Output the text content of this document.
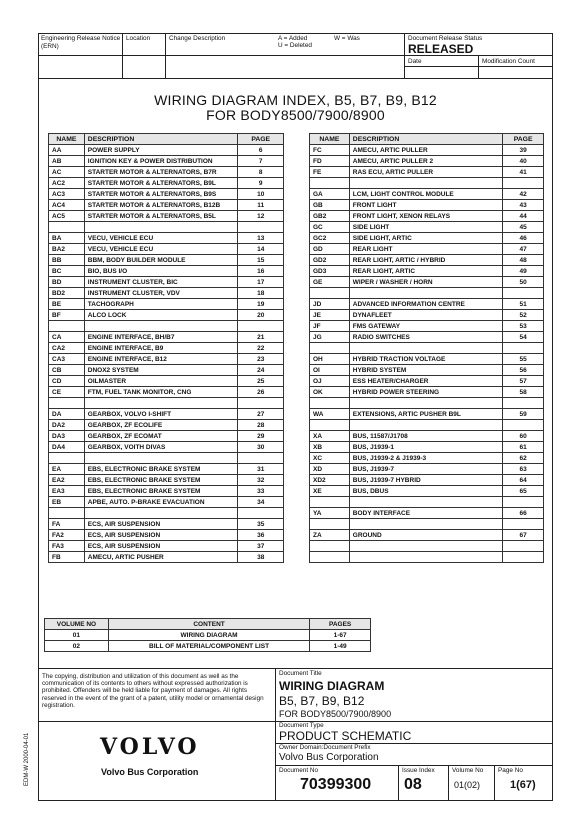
Engineering Release Notice (ERN)
Location	Change Description	A = Added
U = Deleted
W = Was	Document Release Status
RELEASED
Date	Modification Count
WIRING DIAGRAM INDEX, B5, B7, B9, B12
FOR BODY8500/7900/8900
NAME	DESCRIPTION	PAGE
AA	POWER SUPPLY	6
AB	IGNITION KEY & POWER DISTRIBUTION	7
AC	STARTER MOTOR & ALTERNATORS, B7R	8
AC2	STARTER MOTOR & ALTERNATORS, B9L	9
AC3	STARTER MOTOR & ALTERNATORS, B9S	10
AC4	STARTER MOTOR & ALTERNATORS, B12B	11
AC5	STARTER MOTOR & ALTERNATORS, B5L	12

BA	VECU, VEHICLE ECU	13
BA2	VECU, VEHICLE ECU	14
BB	BBM, BODY BUILDER MODULE	15
BC	BIO, BUS I/O	16
BD	INSTRUMENT CLUSTER, BIC	17
BD2	INSTRUMENT CLUSTER, VDV	18
BE	TACHOGRAPH	19
BF	ALCO LOCK	20

CA	ENGINE INTERFACE, BH/B7	21
CA2	ENGINE INTERFACE, B9	22
CA3	ENGINE INTERFACE, B12	23
CB	DNOX2 SYSTEM	24
CD	OILMASTER	25
CE	FTM, FUEL TANK MONITOR, CNG	26

DA	GEARBOX, VOLVO I-SHIFT	27
DA2	GEARBOX, ZF ECOLIFE	28
DA3	GEARBOX, ZF ECOMAT	29
DA4	GEARBOX, VOITH DIVAS	30

EA	EBS, ELECTRONIC BRAKE SYSTEM	31
EA2	EBS, ELECTRONIC BRAKE SYSTEM	32
EA3	EBS, ELECTRONIC BRAKE SYSTEM	33
EB	APBE, AUTO. P-BRAKE EVACUATION	34

FA	ECS, AIR SUSPENSION	35
FA2	ECS, AIR SUSPENSION	36
FA3	ECS, AIR SUSPENSION	37
FB	AMECU, ARTIC PUSHER	38
NAME	DESCRIPTION	PAGE
FC	AMECU, ARTIC PULLER	39
FD	AMECU, ARTIC PULLER 2	40
FE	RAS ECU, ARTIC PULLER	41

GA	LCM, LIGHT CONTROL MODULE	42
GB	FRONT LIGHT	43
GB2	FRONT LIGHT, XENON RELAYS	44
GC	SIDE LIGHT	45
GC2	SIDE LIGHT, ARTIC	46
GD	REAR LIGHT	47
GD2	REAR LIGHT, ARTIC / HYBRID	48
GD3	REAR LIGHT, ARTIC	49
GE	WIPER / WASHER / HORN	50

JD	ADVANCED INFORMATION CENTRE	51
JE	DYNAFLEET	52
JF	FMS GATEWAY	53
JG	RADIO SWITCHES	54

OH	HYBRID TRACTION VOLTAGE	55
OI	HYBRID SYSTEM	56
OJ	ESS HEATER/CHARGER	57
OK	HYBRID POWER STEERING	58

WA	EXTENSIONS, ARTIC PUSHER B9L	59

XA	BUS, 11587/J1708	60
XB	BUS, J1939-1	61
XC	BUS, J1939-2 & J1939-3	62
XD	BUS, J1939-7	63
XD2	BUS, J1939-7 HYBRID	64
XE	BUS, DBUS	65

YA	BODY INTERFACE	66

ZA	GROUND	67

VOLUME NO	CONTENT	PAGES
01	WIRING DIAGRAM	1-67
02	BILL OF MATERIAL/COMPONENT LIST	1-49
The copying, distribution and utilization of this document as well as the communication of its contents to others without expressed authorization is prohibited. Offenders will be held liable for payment of damages. All rights reserved in the event of the grant of a patent, utility model or ornamental design registration.
VOLVO
Volvo Bus Corporation
EDM-W 2000-04-01
Document Title
WIRING DIAGRAM
B5, B7, B9, B12
FOR BODY8500/7900/8900
Document Type
PRODUCT SCHEMATIC
Owner Domain:Document Prefix
Volvo Bus Corporation
Document No
70399300
Issue Index
08
Volume No
01(02)
Page No
1(67)
